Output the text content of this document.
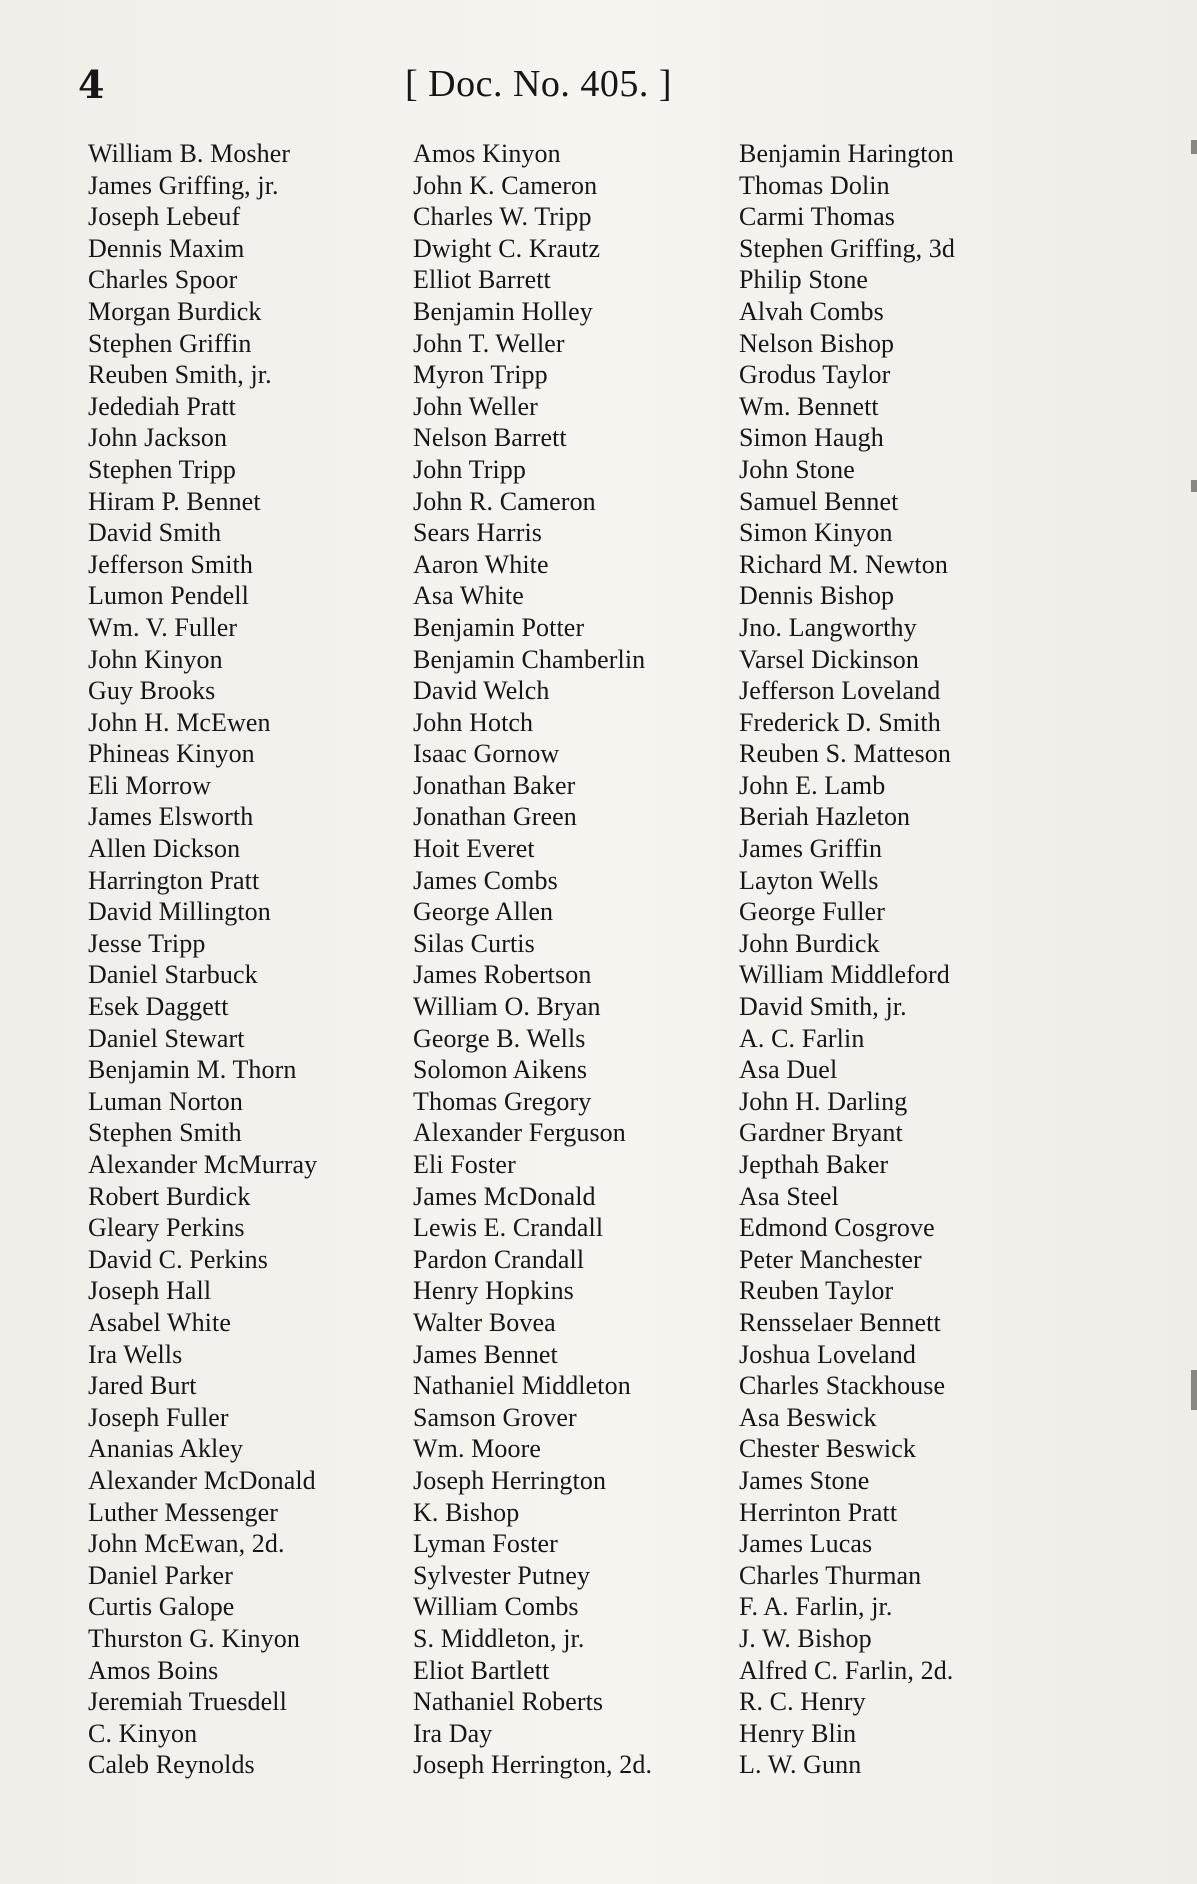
4	[ Doc. No. 405. ]
William B. Mosher
James Griffing, jr.
Joseph Lebeuf
Dennis Maxim
Charles Spoor
Morgan Burdick
Stephen Griffin
Reuben Smith, jr.
Jedediah Pratt
John Jackson
Stephen Tripp
Hiram P. Bennet
David Smith
Jefferson Smith
Lumon Pendell
Wm. V. Fuller
John Kinyon
Guy Brooks
John H. McEwen
Phineas Kinyon
Eli Morrow
James Elsworth
Allen Dickson
Harrington Pratt
David Millington
Jesse Tripp
Daniel Starbuck
Esek Daggett
Daniel Stewart
Benjamin M. Thorn
Luman Norton
Stephen Smith
Alexander McMurray
Robert Burdick
Gleary Perkins
David C. Perkins
Joseph Hall
Asabel White
Ira Wells
Jared Burt
Joseph Fuller
Ananias Akley
Alexander McDonald
Luther Messenger
John McEwan, 2d.
Daniel Parker
Curtis Galope
Thurston G. Kinyon
Amos Boins
Jeremiah Truesdell
C. Kinyon
Caleb Reynolds
Amos Kinyon
John K. Cameron
Charles W. Tripp
Dwight C. Krautz
Elliot Barrett
Benjamin Holley
John T. Weller
Myron Tripp
John Weller
Nelson Barrett
John Tripp
John R. Cameron
Sears Harris
Aaron White
Asa White
Benjamin Potter
Benjamin Chamberlin
David Welch
John Hotch
Isaac Gornow
Jonathan Baker
Jonathan Green
Hoit Everet
James Combs
George Allen
Silas Curtis
James Robertson
William O. Bryan
George B. Wells
Solomon Aikens
Thomas Gregory
Alexander Ferguson
Eli Foster
James McDonald
Lewis E. Crandall
Pardon Crandall
Henry Hopkins
Walter Bovea
James Bennet
Nathaniel Middleton
Samson Grover
Wm. Moore
Joseph Herrington
K. Bishop
Lyman Foster
Sylvester Putney
William Combs
S. Middleton, jr.
Eliot Bartlett
Nathaniel Roberts
Ira Day
Joseph Herrington, 2d.
Benjamin Harington
Thomas Dolin
Carmi Thomas
Stephen Griffing, 3d
Philip Stone
Alvah Combs
Nelson Bishop
Grodus Taylor
Wm. Bennett
Simon Haugh
John Stone
Samuel Bennet
Simon Kinyon
Richard M. Newton
Dennis Bishop
Jno. Langworthy
Varsel Dickinson
Jefferson Loveland
Frederick D. Smith
Reuben S. Matteson
John E. Lamb
Beriah Hazleton
James Griffin
Layton Wells
George Fuller
John Burdick
William Middleford
David Smith, jr.
A. C. Farlin
Asa Duel
John H. Darling
Gardner Bryant
Jepthah Baker
Asa Steel
Edmond Cosgrove
Peter Manchester
Reuben Taylor
Rensselaer Bennett
Joshua Loveland
Charles Stackhouse
Asa Beswick
Chester Beswick
James Stone
Herrinton Pratt
James Lucas
Charles Thurman
F. A. Farlin, jr.
J. W. Bishop
Alfred C. Farlin, 2d.
R. C. Henry
Henry Blin
L. W. Gunn
